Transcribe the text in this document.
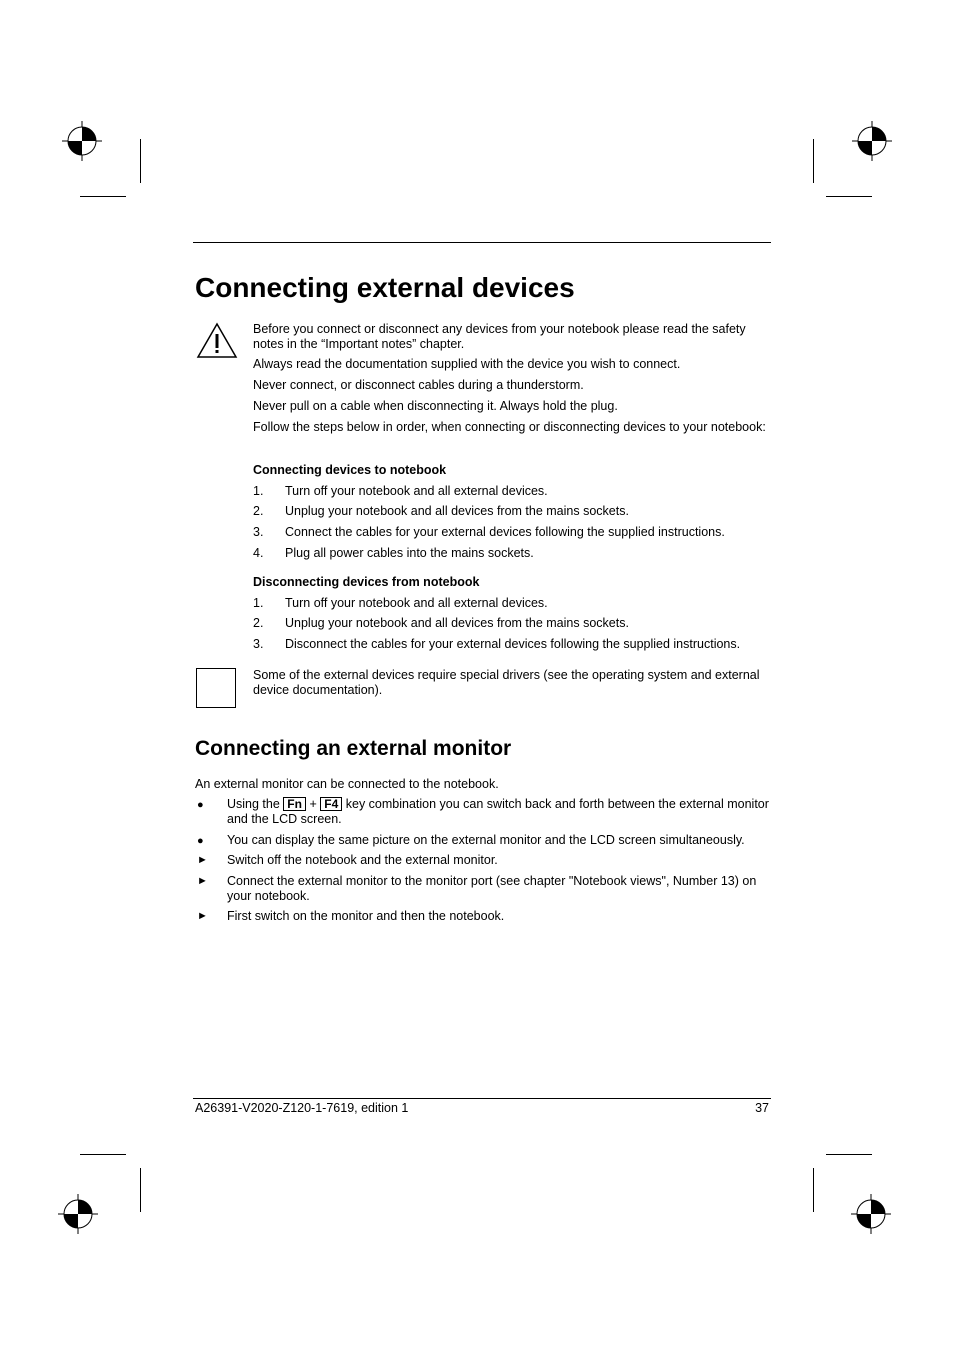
Connecting external devices

Before you connect or disconnect any devices from your notebook please read the safety notes in the “Important notes” chapter.

Always read the documentation supplied with the device you wish to connect.

Never connect, or disconnect cables during a thunderstorm.

Never pull on a cable when disconnecting it. Always hold the plug.

Follow the steps below in order, when connecting or disconnecting devices to your notebook:

Connecting devices to notebook

1. Turn off your notebook and all external devices.
2. Unplug your notebook and all devices from the mains sockets.
3. Connect the cables for your external devices following the supplied instructions.
4. Plug all power cables into the mains sockets.

Disconnecting devices from notebook

1. Turn off your notebook and all external devices.
2. Unplug your notebook and all devices from the mains sockets.
3. Disconnect the cables for your external devices following the supplied instructions.

Some of the external devices require special drivers (see the operating system and external device documentation).

Connecting an external monitor

An external monitor can be connected to the notebook.

● Using the Fn + F4 key combination you can switch back and forth between the external monitor and the LCD screen.
● You can display the same picture on the external monitor and the LCD screen simultaneously.
► Switch off the notebook and the external monitor.
► Connect the external monitor to the monitor port (see chapter "Notebook views", Number 13) on your notebook.
► First switch on the monitor and then the notebook.
A26391-V2020-Z120-1-7619, edition 1	37
